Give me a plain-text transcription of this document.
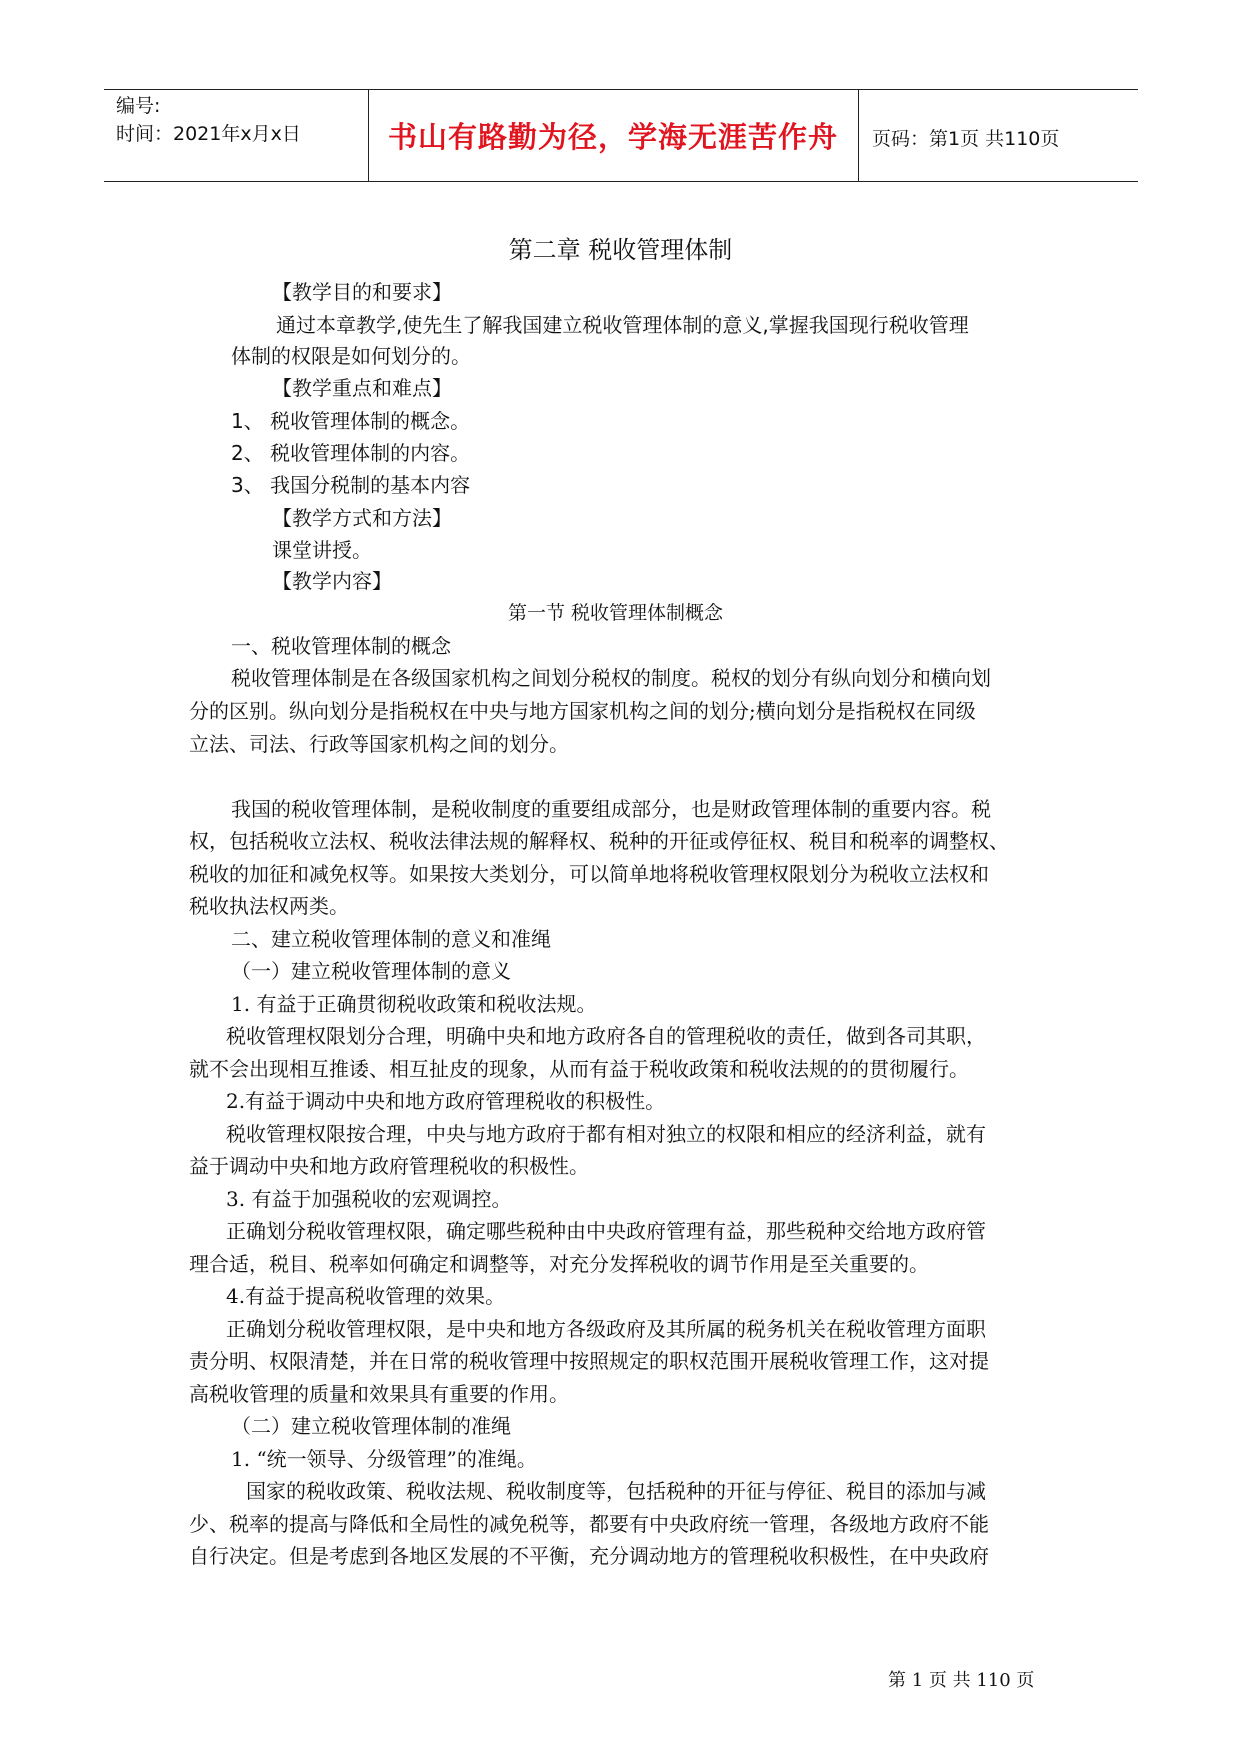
编号:
时间：2021年x月x日	书山有路勤为径，学海无涯苦作舟	页码：第1页 共110页
第二章 税收管理体制
【教学目的和要求】
通过本章教学,使先生了解我国建立税收管理体制的意义,掌握我国现行税收管理
体制的权限是如何划分的。
【教学重点和难点】
1、 税收管理体制的概念。
2、 税收管理体制的内容。
3、 我国分税制的基本内容
【教学方式和方法】
课堂讲授。
【教学内容】
第一节 税收管理体制概念
一、税收管理体制的概念
税收管理体制是在各级国家机构之间划分税权的制度。税权的划分有纵向划分和横向划
分的区别。纵向划分是指税权在中央与地方国家机构之间的划分;横向划分是指税权在同级
立法、司法、行政等国家机构之间的划分。
我国的税收管理体制，是税收制度的重要组成部分，也是财政管理体制的重要内容。税
权，包括税收立法权、税收法律法规的解释权、税种的开征或停征权、税目和税率的调整权、
税收的加征和减免权等。如果按大类划分，可以简单地将税收管理权限划分为税收立法权和
税收执法权两类。
二、建立税收管理体制的意义和准绳
（一）建立税收管理体制的意义
1. 有益于正确贯彻税收政策和税收法规。
税收管理权限划分合理，明确中央和地方政府各自的管理税收的责任，做到各司其职，
就不会出现相互推诿、相互扯皮的现象，从而有益于税收政策和税收法规的的贯彻履行。
2.有益于调动中央和地方政府管理税收的积极性。
税收管理权限按合理，中央与地方政府于都有相对独立的权限和相应的经济利益，就有
益于调动中央和地方政府管理税收的积极性。
3. 有益于加强税收的宏观调控。
正确划分税收管理权限，确定哪些税种由中央政府管理有益，那些税种交给地方政府管
理合适，税目、税率如何确定和调整等，对充分发挥税收的调节作用是至关重要的。
4.有益于提高税收管理的效果。
正确划分税收管理权限，是中央和地方各级政府及其所属的税务机关在税收管理方面职
责分明、权限清楚，并在日常的税收管理中按照规定的职权范围开展税收管理工作，这对提
高税收管理的质量和效果具有重要的作用。
（二）建立税收管理体制的准绳
1. “统一领导、分级管理”的准绳。
国家的税收政策、税收法规、税收制度等，包括税种的开征与停征、税目的添加与减
少、税率的提高与降低和全局性的减免税等，都要有中央政府统一管理，各级地方政府不能
自行决定。但是考虑到各地区发展的不平衡，充分调动地方的管理税收积极性，在中央政府
第 1 页 共 110 页
